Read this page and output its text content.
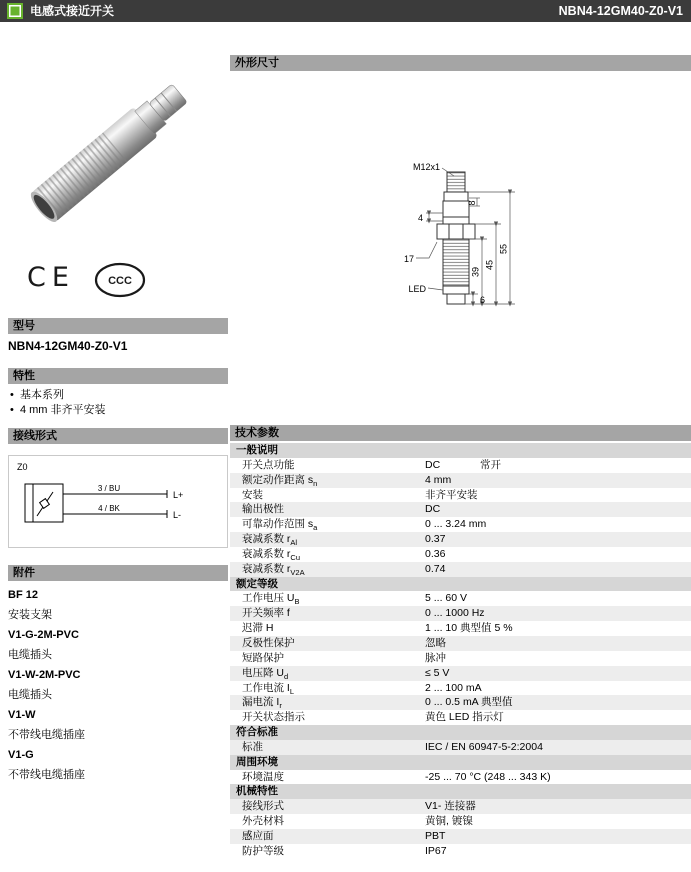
电感式接近开关	NBN4-12GM40-Z0-V1
CE	CCC
型号
NBN4-12GM40-Z0-V1
特性
•  基本系列
•  4 mm 非齐平安装
接线形式
Z0
3 / BU
4 / BK
L+
L-
附件
BF 12
安装支架
V1-G-2M-PVC
电缆插头
V1-W-2M-PVC
电缆插头
V1-W
不带线电缆插座
V1-G
不带线电缆插座
外形尺寸
M12x1
4
17
LED
6
8
39
45
55
技术参数
一般说明
开关点功能	DC	常开
额定动作距离 $s_n$	4 mm
安装	非齐平安装
输出极性	DC
可靠动作范围 $s_a$	0 ... 3.24 mm
衰减系数 $r_{Al}$	0.37
衰减系数 $r_{Cu}$	0.36
衰减系数 $r_{V2A}$	0.74
额定等级
工作电压 $U_B$	5 ... 60 V
开关频率 f	0 ... 1000 Hz
迟滞 H	1 ... 10 典型值 5 %
反极性保护	忽略
短路保护	脉冲
电压降 $U_d$	≤ 5 V
工作电流 $I_L$	2 ... 100 mA
漏电流 $I_r$	0 ... 0.5 mA 典型值
开关状态指示	黄色 LED 指示灯
符合标准
标准	IEC / EN 60947-5-2:2004
周围环境
环境温度	-25 ... 70 °C (248 ... 343 K)
机械特性
接线形式	V1- 连接器
外壳材料	黄铜, 镀镍
感应面	PBT
防护等级	IP67
